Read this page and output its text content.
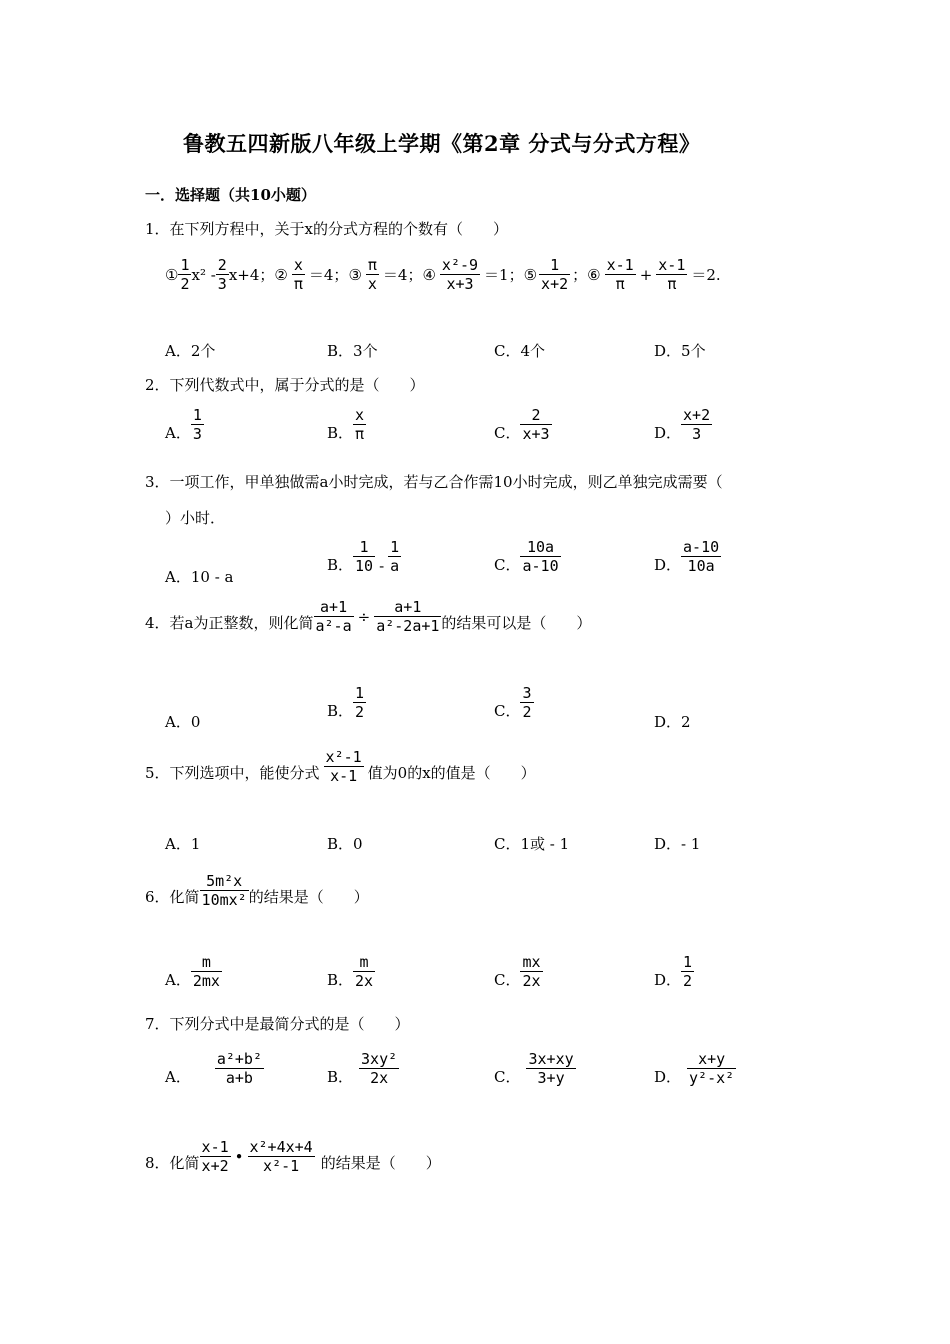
鲁教五四新版八年级上学期《第2章 分式与分式方程》
一．选择题（共10小题）
1．在下列方程中，关于x的分式方程的个数有（　　）
① $\frac{1}{2} x^2 - \frac{2}{3} x+4$； ② $\frac{x}{\pi} =4$； ③ $\frac{\pi}{x} =4$； ④ $\frac{\text{x²-9}}{x+3} =1$； ⑤ $\frac{1}{x+2}$ ； ⑥ $\frac{x-1}{\pi} + \frac{x-1}{\pi} =2$.
A．2个	B．3个	C．4个	D．5个
2．下列代数式中，属于分式的是（　　）
A． $\frac{1}{3}$	B． $\frac{x}{\pi}$	C． $\frac{2}{x+3}$	D． $\frac{x+2}{3}$
3．一项工作，甲单独做需a小时完成，若与乙合作需10小时完成，则乙单独完成需要（
）小时．
A．10 - a
B． $\frac{1}{10} - \frac{1}{a}$	C． $\frac{10a}{a-10}$	D． $\frac{a-10}{10a}$
4．若a为正整数，则化简 $\frac{a+1}{\text{a²-a}} \div \frac{a+1}{\text{a²-2a+1}}$ 的结果可以是（　　）
A．0
B． $\frac{1}{2}$	C． $\frac{3}{2}$
D．2
5．下列选项中，能使分式 $\frac{\text{x²-1}}{x-1}$ 值为0的x的值是（　　）
A．1	B．0	C．1或 - 1	D．- 1
6．化简 $\frac{\text{5m²x}}{\text{10mx²}}$ 的结果是（　　）
A． $\frac{m}{2mx}$	B． $\frac{m}{2x}$	C． $\frac{mx}{2x}$	D． $\frac{1}{2}$
7．下列分式中是最简分式的是（　　）
A． $\frac{\text{a²+b²}}{a+b}$	B． $\frac{\text{3xy²}}{2x}$	C． $\frac{3x+xy}{3+y}$	D． $\frac{x+y}{\text{y²-x²}}$
8．化简 $\frac{x-1}{x+2}$ • $\frac{\text{x²+4x+4}}{\text{x²-1}}$ 的结果是（　　）
